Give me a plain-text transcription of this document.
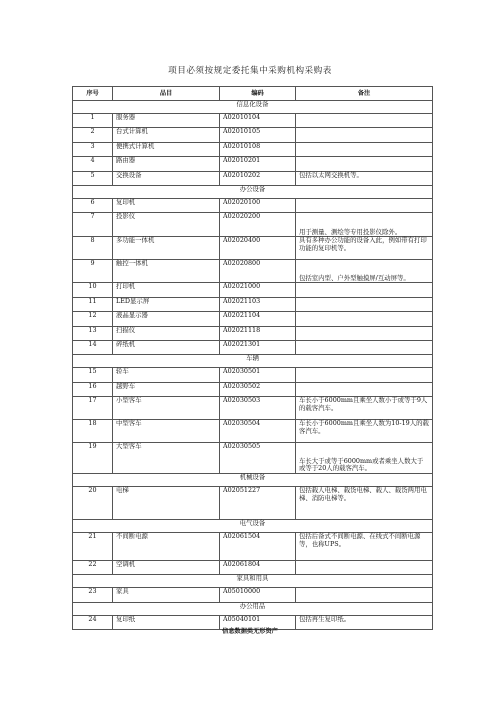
项目必须按规定委托集中采购机构采购表
序号	品目	编码	备注
信息化设备			
1	服务器	A02010104	
2	台式计算机	A02010105	
3	便携式计算机	A02010108	
4	路由器	A02010201	
5	交换设备	A02010202	包括以太网交换机等。
办公设备			
6	复印机	A02020100	
7	投影仪	A02020200	用于测量、测绘等专用投影仪除外。
8	多功能一体机	A02020400	具有多种办公功能的设备入此，例如带有打印功能的复印机等。
9	触控一体机	A02020800	包括室内型、户外型触摸屏/互动屏等。
10	打印机	A02021000	
11	LED显示屏	A02021103	
12	液晶显示器	A02021104	
13	扫描仪	A02021118	
14	碎纸机	A02021301	
车辆			
15	轿车	A02030501	
16	越野车	A02030502	
17	小型客车	A02030503	车长小于6000mm且乘坐人数小于或等于9人的载客汽车。
18	中型客车	A02030504	车长小于6000mm且乘坐人数为10-19人的载客汽车。
19	大型客车	A02030505	车长大于或等于6000mm或者乘坐人数大于或等于20人的载客汽车。
机械设备			
20	电梯	A02051227	包括载人电梯、载货电梯、载人、载货两用电梯、消防电梯等。
电气设备			
21	不间断电源	A02061504	包括后备式不间断电源、在线式不间断电源等，也称UPS。
22	空调机	A02061804	
家具和用具			
23	家具	A05010000	
办公用品			
24	复印纸	A05040101	包括再生复印纸。
信息数据类无形资产
